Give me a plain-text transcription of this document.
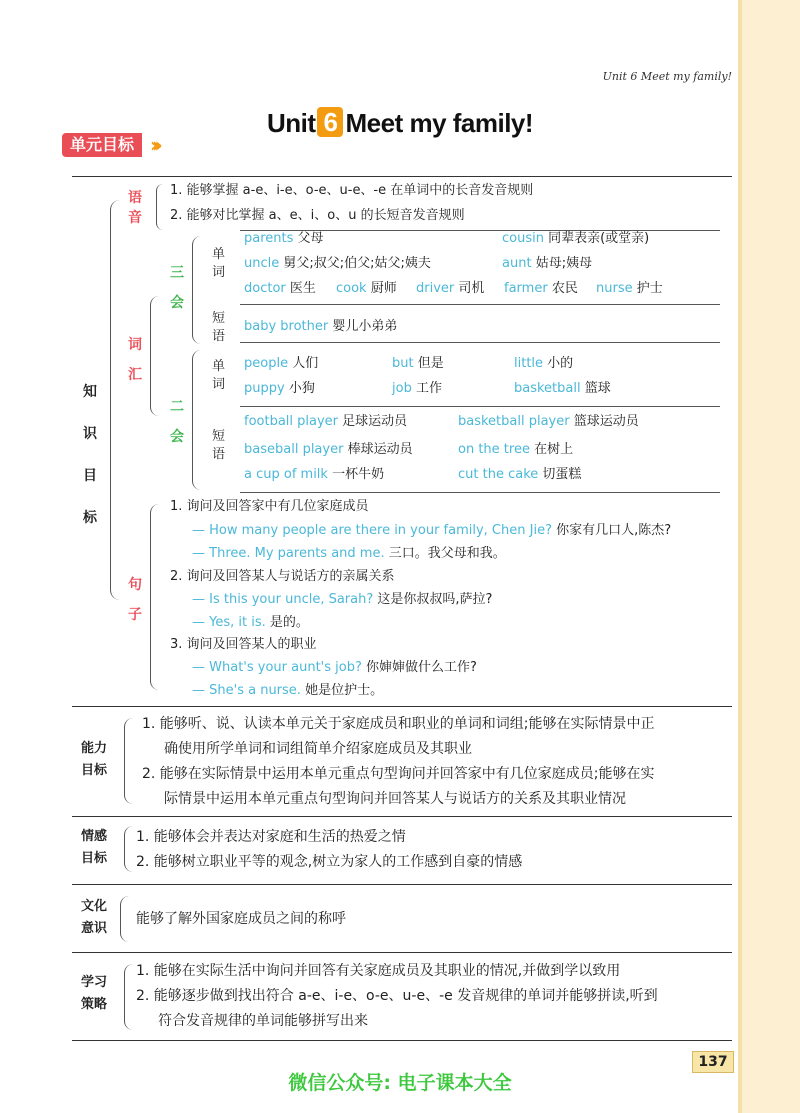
Unit 6 Meet my family!
Unit 6 Meet my family!
单元目标 ›››
知
识
目
标
语
音
1. 能够掌握 a-e、i-e、o-e、u-e、-e 在单词中的长音发音规则
2. 能够对比掌握 a、e、i、o、u 的长短音发音规则
词
汇
三
会
单
词
短
语
parents 父母	cousin 同辈表亲(或堂亲)
uncle 舅父;叔父;伯父;姑父;姨夫	aunt 姑母;姨母
doctor 医生 cook 厨师 driver 司机 farmer 农民 nurse 护士
baby brother 婴儿小弟弟
二
会
单
词
短
语
people 人们	but 但是	little 小的
puppy 小狗	job 工作	basketball 篮球
football player 足球运动员	basketball player 篮球运动员
baseball player 棒球运动员	on the tree 在树上
a cup of milk 一杯牛奶	cut the cake 切蛋糕
句
子
1. 询问及回答家中有几位家庭成员
— How many people are there in your family, Chen Jie? 你家有几口人,陈杰?
— Three. My parents and me. 三口。我父母和我。
2. 询问及回答某人与说话方的亲属关系
— Is this your uncle, Sarah? 这是你叔叔吗,萨拉?
— Yes, it is. 是的。
3. 询问及回答某人的职业
— What's your aunt's job? 你婶婶做什么工作?
— She's a nurse. 她是位护士。
能力
目标
1. 能够听、说、认读本单元关于家庭成员和职业的单词和词组;能够在实际情景中正
确使用所学单词和词组简单介绍家庭成员及其职业
2. 能够在实际情景中运用本单元重点句型询问并回答家中有几位家庭成员;能够在实
际情景中运用本单元重点句型询问并回答某人与说话方的关系及其职业情况
情感
目标
1. 能够体会并表达对家庭和生活的热爱之情
2. 能够树立职业平等的观念,树立为家人的工作感到自豪的情感
文化
意识
能够了解外国家庭成员之间的称呼
学习
策略
1. 能够在实际生活中询问并回答有关家庭成员及其职业的情况,并做到学以致用
2. 能够逐步做到找出符合 a-e、i-e、o-e、u-e、-e 发音规律的单词并能够拼读,听到
符合发音规律的单词能够拼写出来
137
微信公众号: 电子课本大全
